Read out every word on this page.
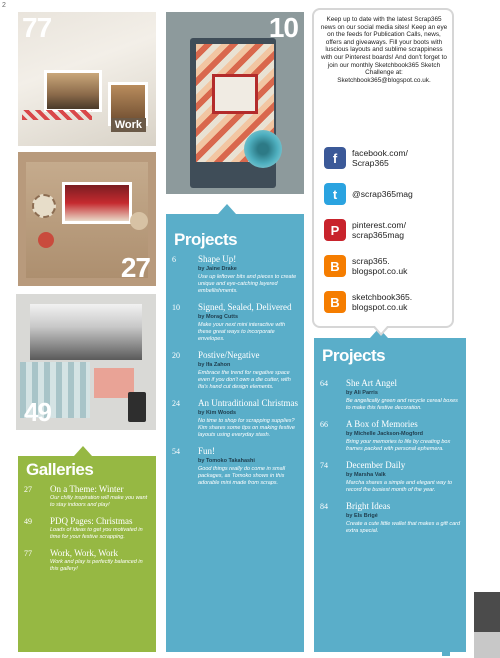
2
Work
77
27
49
10
Projects
6	Shape Up!
by Jaine Drake
Use up leftover bits and pieces to create unique and eye-catching layered embellishments.
10	Signed, Sealed, Delivered
by Morag Cutts
Make your next mini interactive with these great ways to incorporate envelopes.
20	Postive/Negative
by Ifa Zahon
Embrace the trend for negative space even if you don't own a die cutter, with Ifa's hand cut design elements.
24	An Untraditional Christmas
by Kim Woods
No time to shop for scrapping supplies? Kim shares some tips on making festive layouts using everyday stash.
54	Fun!
by Tomoko Takahashi
Good things really do come in small packages, as Tomoko shows in this adorable mini made from scraps.
Projects
64	She Art Angel
by Ali Parris
Be angelically green and recycle cereal boxes to make this festive decoration.
66	A Box of Memories
by Michelle Jackson-Mogford
Bring your memories to life by creating box frames packed with personal ephemera.
74	December Daily
by Marsha Valk
Marcha shares a simple and elegant way to record the busiest month of the year.
84	Bright Ideas
by Els Brigé
Create a cute little wallet that makes a gift card extra special.
Galleries
27	On a Theme: Winter
Our chilly inspiration will make you want to stay indoors and play!
49	PDQ Pages: Christmas
Loads of ideas to get you motivated in time for your festive scrapping.
77	Work, Work, Work
Work and play is perfectly balanced in this gallery!
Keep up to date with the latest Scrap365 news on our social media sites! Keep an eye on the feeds for Publication Calls, news, offers and giveaways. Fill your boots with luscious layouts and sublime scrappiness with our Pinterest boards! And don't forget to join our monthly Sketchbook365 Sketch Challenge at: Sketchbook365@blogspot.co.uk.
f	facebook.com/
Scrap365
t	@scrap365mag
P	pinterest.com/
scrap365mag
B	scrap365.
blogspot.co.uk
B	sketchbook365.
blogspot.co.uk
